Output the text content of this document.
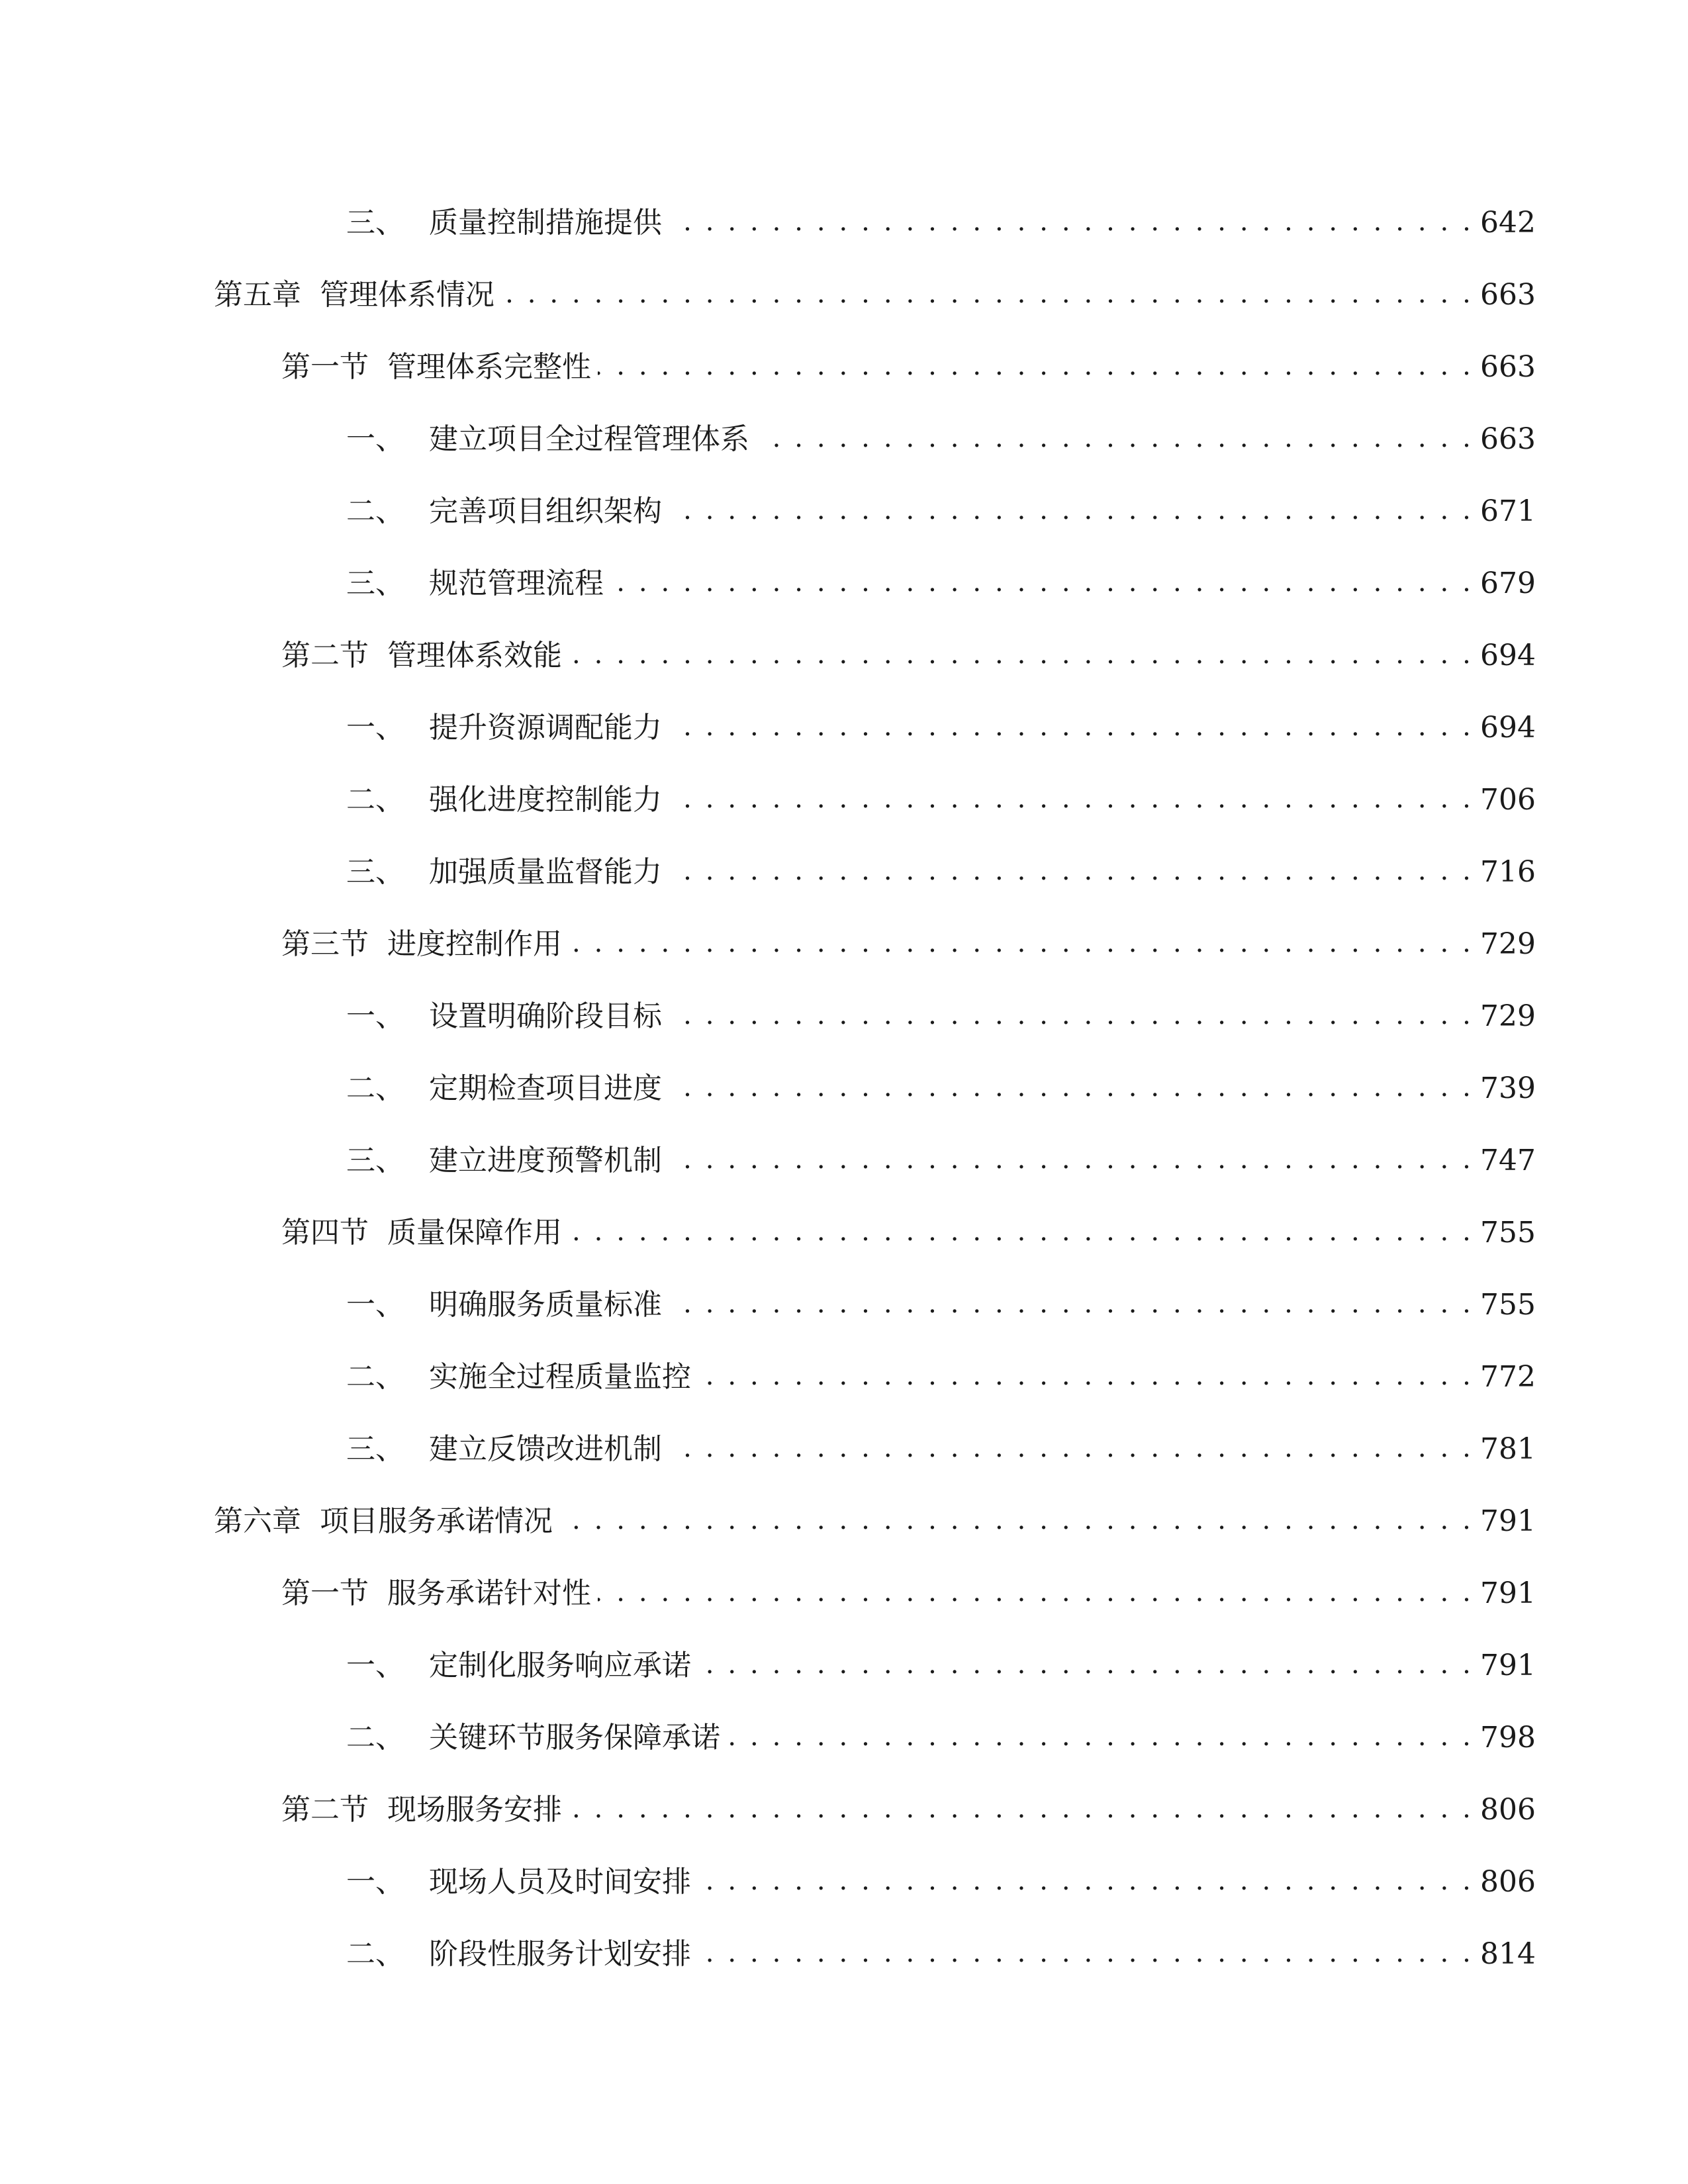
三、 质量控制措施提供 . . .	642
第五章 管理体系情况 . . .	663
第一节 管理体系完整性 . . .	663
一、 建立项目全过程管理体系 . . .	663
二、 完善项目组织架构 . . .	671
三、 规范管理流程 . . .	679
第二节 管理体系效能 . . .	694
一、 提升资源调配能力 . . .	694
二、 强化进度控制能力 . . .	706
三、 加强质量监督能力 . . .	716
第三节 进度控制作用 . . .	729
一、 设置明确阶段目标 . . .	729
二、 定期检查项目进度 . . .	739
三、 建立进度预警机制 . . .	747
第四节 质量保障作用 . . .	755
一、 明确服务质量标准 . . .	755
二、 实施全过程质量监控 . . .	772
三、 建立反馈改进机制 . . .	781
第六章 项目服务承诺情况 . . .	791
第一节 服务承诺针对性 . . .	791
一、 定制化服务响应承诺 . . .	791
二、 关键环节服务保障承诺 . . .	798
第二节 现场服务安排 . . .	806
一、 现场人员及时间安排 . . .	806
二、 阶段性服务计划安排 . . .	814
